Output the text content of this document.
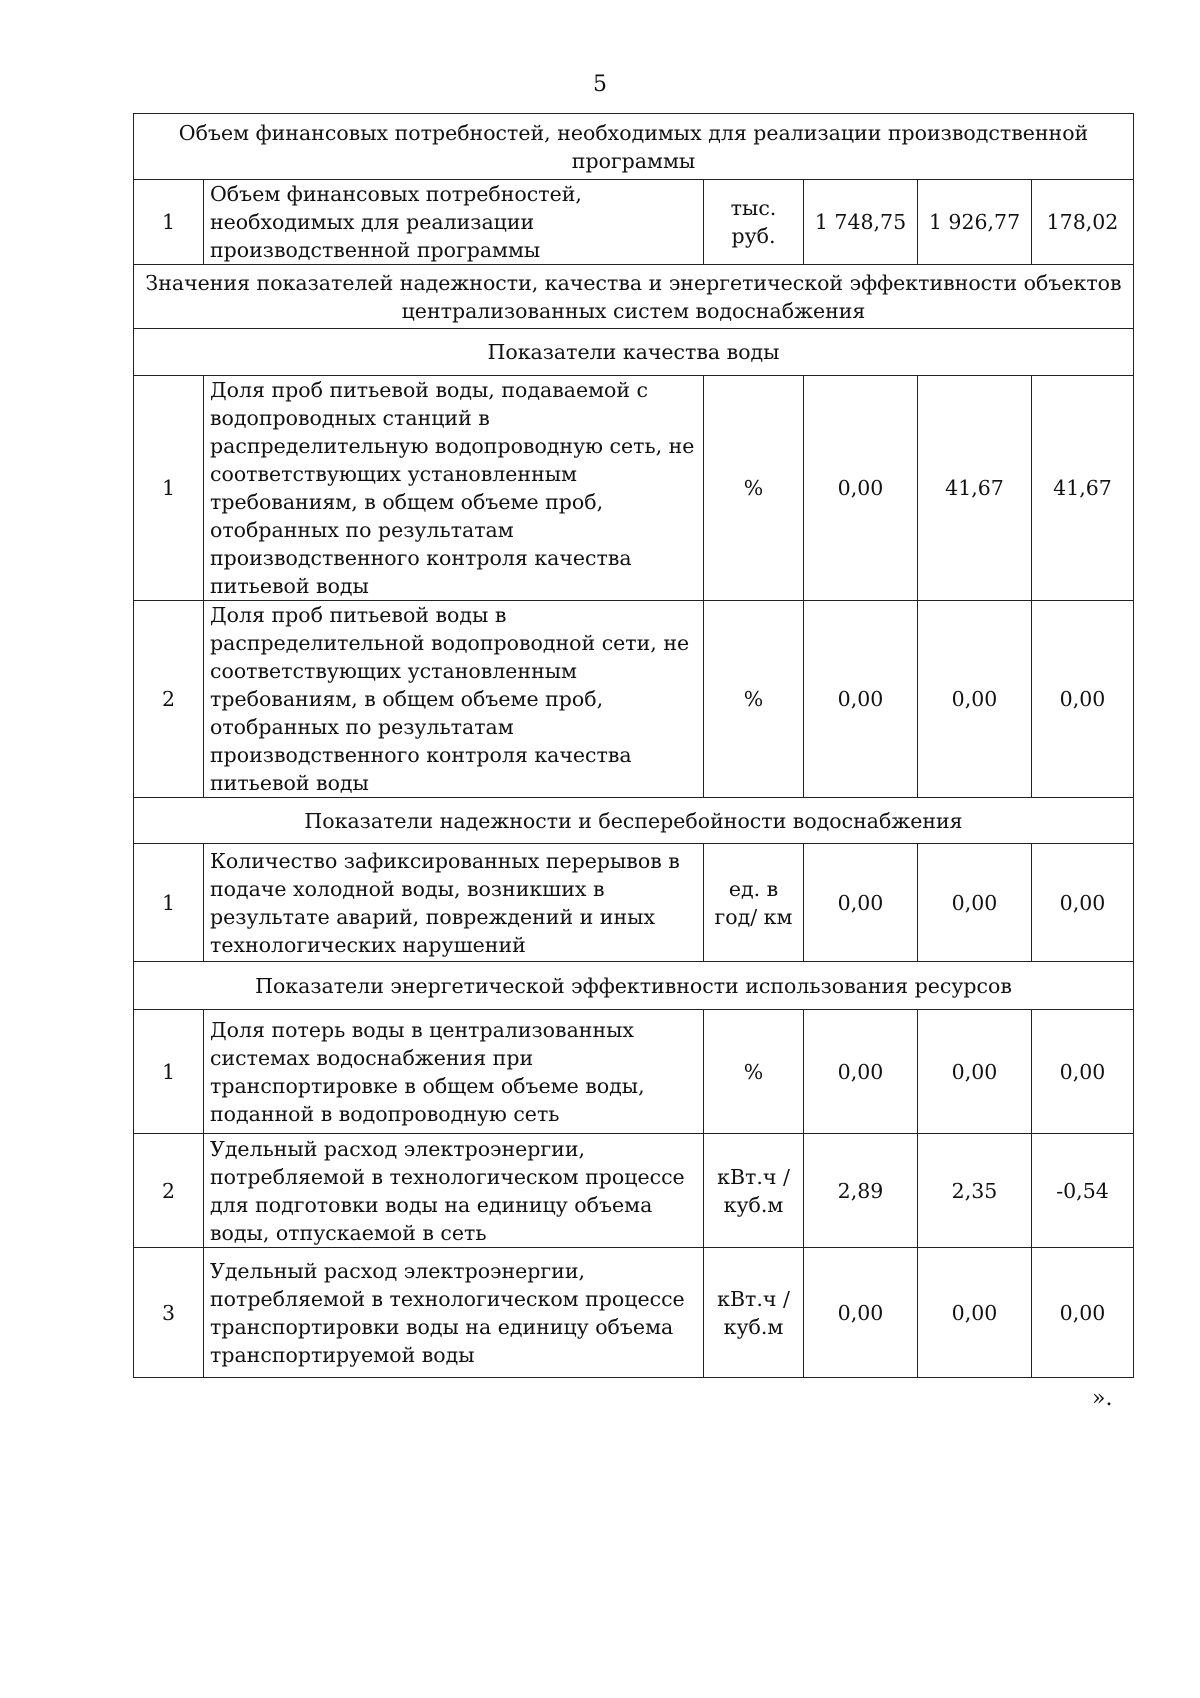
5
Объем финансовых потребностей, необходимых для реализации производственной программы					
1	Объем финансовых потребностей, необходимых для реализации производственной программы	тыс. руб.	1 748,75	1 926,77	178,02
Значения показателей надежности, качества и энергетической эффективности объектов централизованных систем водоснабжения					
Показатели качества воды					
1	Доля проб питьевой воды, подаваемой с водопроводных станций в распределительную водопроводную сеть, не соответствующих установленным требованиям, в общем объеме проб, отобранных по результатам производственного контроля качества питьевой воды	%	0,00	41,67	41,67
2	Доля проб питьевой воды в распределительной водопроводной сети, не соответствующих установленным требованиям, в общем объеме проб, отобранных по результатам производственного контроля качества питьевой воды	%	0,00	0,00	0,00
Показатели надежности и бесперебойности водоснабжения					
1	Количество зафиксированных перерывов в подаче холодной воды, возникших в результате аварий, повреждений и иных технологических нарушений	ед. в год/ км	0,00	0,00	0,00
Показатели энергетической эффективности использования ресурсов					
1	Доля потерь воды в централизованных системах водоснабжения при транспортировке в общем объеме воды, поданной в водопроводную сеть	%	0,00	0,00	0,00
2	Удельный расход электроэнергии, потребляемой в технологическом процессе для подготовки воды на единицу объема воды, отпускаемой в сеть	кВт.ч / куб.м	2,89	2,35	-0,54
3	Удельный расход электроэнергии, потребляемой в технологическом процессе транспортировки воды на единицу объема транспортируемой воды	кВт.ч / куб.м	0,00	0,00	0,00
».
